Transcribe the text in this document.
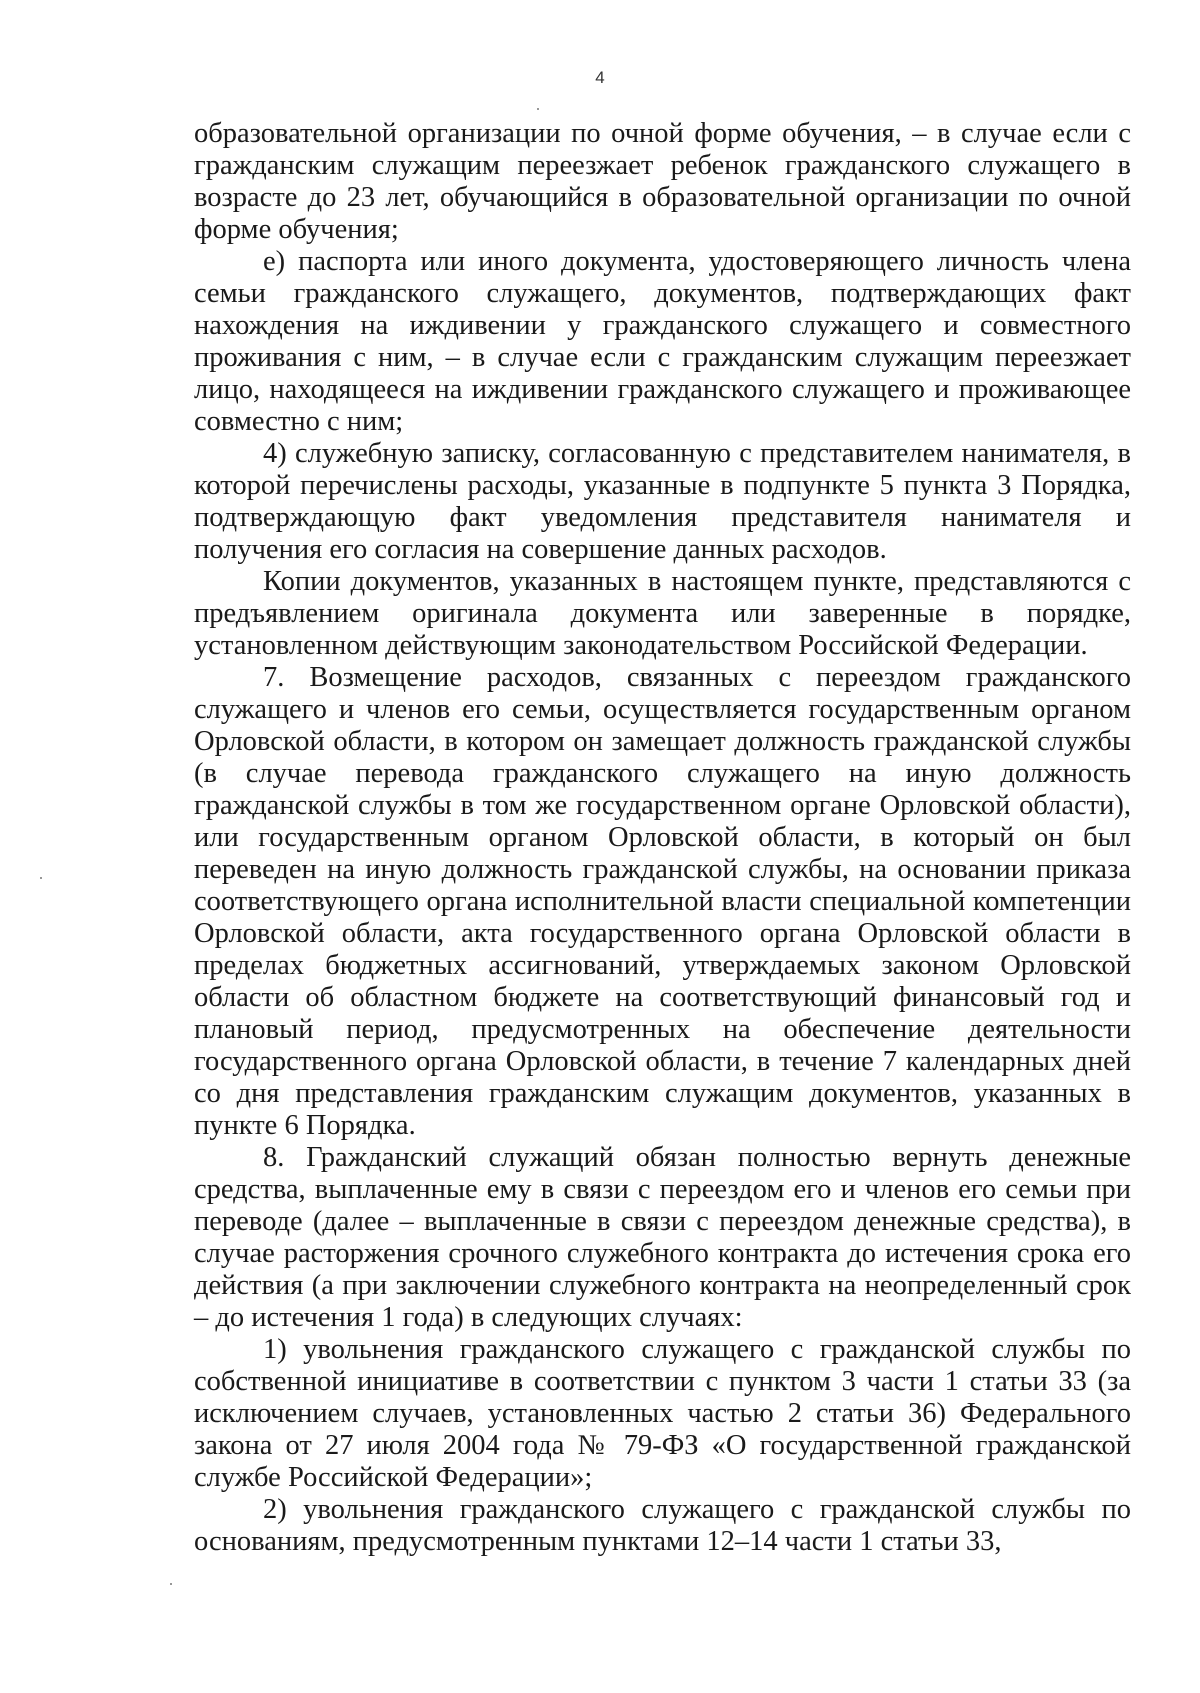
4

образовательной организации по очной форме обучения, – в случае если с гражданским служащим переезжает ребенок гражданского служащего в возрасте до 23 лет, обучающийся в образовательной организации по очной форме обучения;

е) паспорта или иного документа, удостоверяющего личность члена семьи гражданского служащего, документов, подтверждающих факт нахождения на иждивении у гражданского служащего и совместного проживания с ним, – в случае если с гражданским служащим переезжает лицо, находящееся на иждивении гражданского служащего и проживающее совместно с ним;

4) служебную записку, согласованную с представителем нанимателя, в которой перечислены расходы, указанные в подпункте 5 пункта 3 Порядка, подтверждающую факт уведомления представителя нанимателя и получения его согласия на совершение данных расходов.

Копии документов, указанных в настоящем пункте, представляются с предъявлением оригинала документа или заверенные в порядке, установленном действующим законодательством Российской Федерации.

7. Возмещение расходов, связанных с переездом гражданского служащего и членов его семьи, осуществляется государственным органом Орловской области, в котором он замещает должность гражданской службы (в случае перевода гражданского служащего на иную должность гражданской службы в том же государственном органе Орловской области), или государственным органом Орловской области, в который он был переведен на иную должность гражданской службы, на основании приказа соответствующего органа исполнительной власти специальной компетенции Орловской области, акта государственного органа Орловской области в пределах бюджетных ассигнований, утверждаемых законом Орловской области об областном бюджете на соответствующий финансовый год и плановый период, предусмотренных на обеспечение деятельности государственного органа Орловской области, в течение 7 календарных дней со дня представления гражданским служащим документов, указанных в пункте 6 Порядка.

8. Гражданский служащий обязан полностью вернуть денежные средства, выплаченные ему в связи с переездом его и членов его семьи при переводе (далее – выплаченные в связи с переездом денежные средства), в случае расторжения срочного служебного контракта до истечения срока его действия (а при заключении служебного контракта на неопределенный срок – до истечения 1 года) в следующих случаях:

1) увольнения гражданского служащего с гражданской службы по собственной инициативе в соответствии с пунктом 3 части 1 статьи 33 (за исключением случаев, установленных частью 2 статьи 36) Федерального закона от 27 июля 2004 года № 79-ФЗ «О государственной гражданской службе Российской Федерации»;

2) увольнения гражданского служащего с гражданской службы по основаниям, предусмотренным пунктами 12–14 части 1 статьи 33,
